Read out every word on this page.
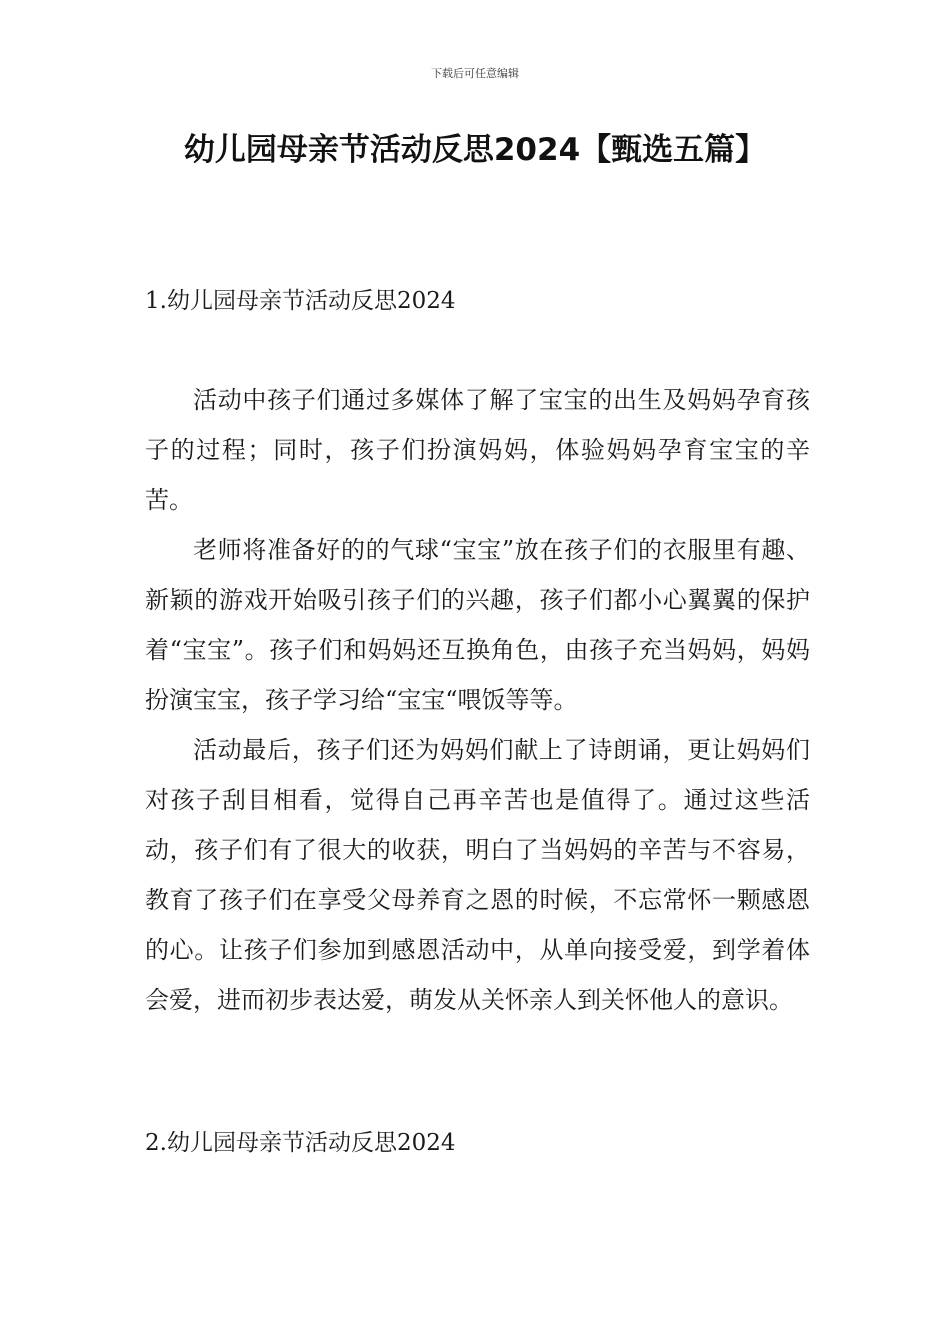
下载后可任意编辑
幼儿园母亲节活动反思2024【甄选五篇】
1.幼儿园母亲节活动反思2024

活动中孩子们通过多媒体了解了宝宝的出生及妈妈孕育孩子的过程；同时，孩子们扮演妈妈，体验妈妈孕育宝宝的辛苦。

老师将准备好的的气球“宝宝”放在孩子们的衣服里有趣、新颖的游戏开始吸引孩子们的兴趣，孩子们都小心翼翼的保护着“宝宝”。孩子们和妈妈还互换角色，由孩子充当妈妈，妈妈扮演宝宝，孩子学习给“宝宝“喂饭等等。

活动最后，孩子们还为妈妈们献上了诗朗诵，更让妈妈们对孩子刮目相看，觉得自己再辛苦也是值得了。通过这些活动，孩子们有了很大的收获，明白了当妈妈的辛苦与不容易，教育了孩子们在享受父母养育之恩的时候，不忘常怀一颗感恩的心。让孩子们参加到感恩活动中，从单向接受爱，到学着体会爱，进而初步表达爱，萌发从关怀亲人到关怀他人的意识。

2.幼儿园母亲节活动反思2024
